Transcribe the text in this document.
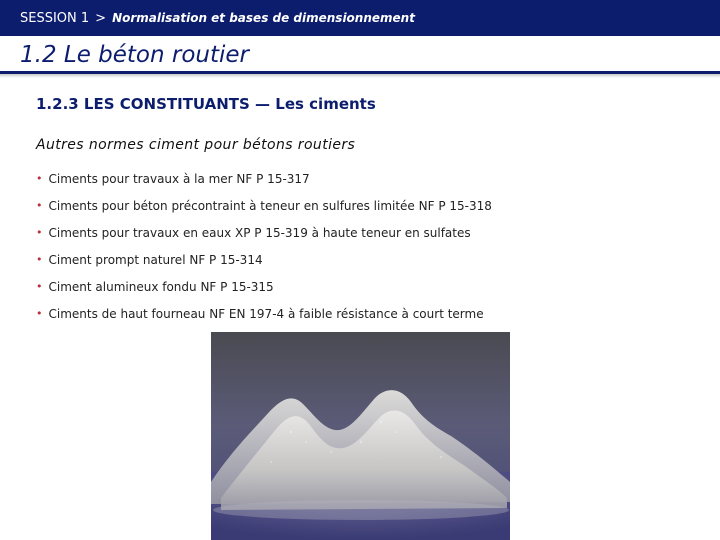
SESSION 1 > Normalisation et bases de dimensionnement
1.2 Le béton routier
1.2.3 LES CONSTITUANTS — Les ciments
Autres normes ciment pour bétons routiers
• Ciments pour travaux à la mer NF P 15-317
• Ciments pour béton précontraint à teneur en sulfures limitée NF P 15-318
• Ciments pour travaux en eaux XP P 15-319 à haute teneur en sulfates
• Ciment prompt naturel NF P 15-314
• Ciment alumineux fondu NF P 15-315
• Ciments de haut fourneau NF EN 197-4 à faible résistance à court terme
